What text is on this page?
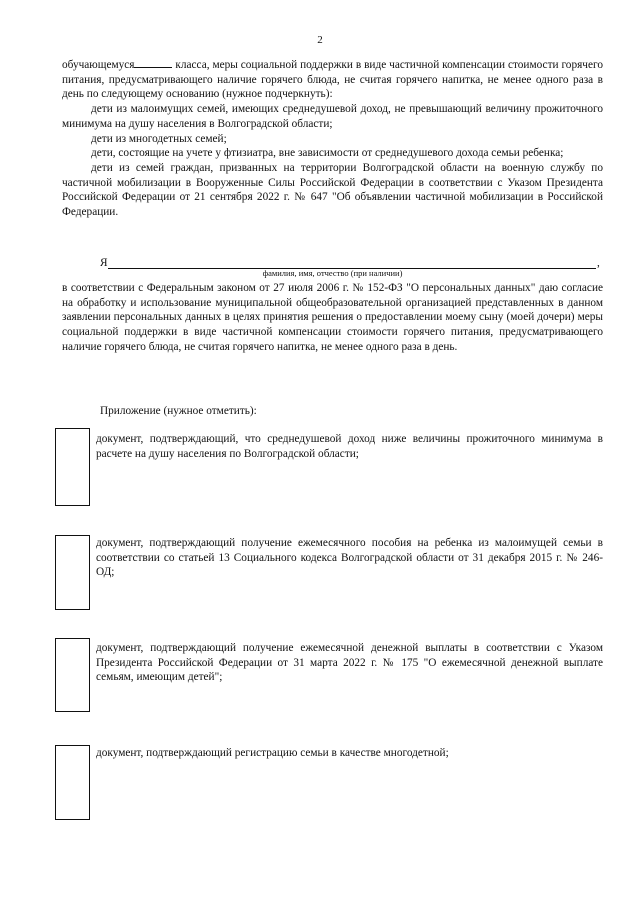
2

обучающемуся	класса, меры социальной поддержки в виде частичной компенсации стоимости горячего питания, предусматривающего наличие горячего блюда, не считая горячего напитка, не менее одного раза в день по следующему основанию (нужное подчеркнуть):

дети из малоимущих семей, имеющих среднедушевой доход, не превышающий величину прожиточного минимума на душу населения в Волгоградской области;

дети из многодетных семей;

дети, состоящие на учете у фтизиатра, вне зависимости от среднедушевого дохода семьи ребенка;

дети из семей граждан, призванных на территории Волгоградской области на военную службу по частичной мобилизации в Вооруженные Силы Российской Федерации в соответствии с Указом Президента Российской Федерации от 21 сентября 2022 г. № 647 "Об объявлении частичной мобилизации в Российской Федерации.

Я	,
фамилия, имя, отчество (при наличии)
в соответствии с Федеральным законом от 27 июля 2006 г. № 152-ФЗ "О персональных данных" даю согласие на обработку и использование муниципальной общеобразовательной организацией представленных в данном заявлении персональных данных в целях принятия решения о предоставлении моему сыну (моей дочери) меры социальной поддержки в виде частичной компенсации стоимости горячего питания, предусматривающего наличие горячего блюда, не считая горячего напитка, не менее одного раза в день.
Приложение (нужное отметить):
документ, подтверждающий, что среднедушевой доход ниже величины прожиточного минимума в расчете на душу населения по Волгоградской области;
документ, подтверждающий получение ежемесячного пособия на ребенка из малоимущей семьи в соответствии со статьей 13 Социального кодекса Волгоградской области от 31 декабря 2015 г. № 246-ОД;
документ, подтверждающий получение ежемесячной денежной выплаты в соответствии с Указом Президента Российской Федерации от 31 марта 2022 г. № 175 "О ежемесячной денежной выплате семьям, имеющим детей";
документ, подтверждающий регистрацию семьи в качестве многодетной;
